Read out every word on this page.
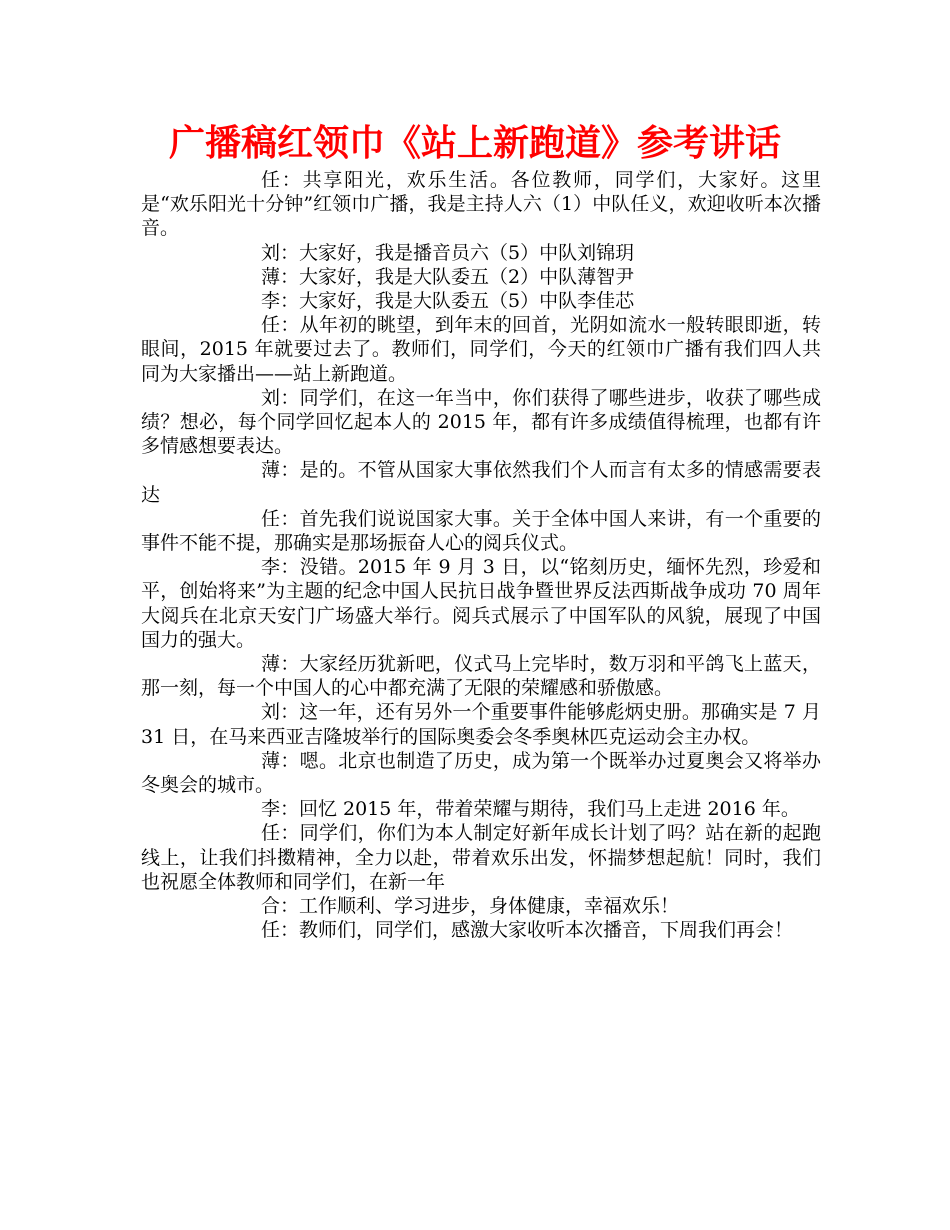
广播稿红领巾《站上新跑道》参考讲话

任：共享阳光，欢乐生活。各位教师，同学们，大家好。这里是“欢乐阳光十分钟”红领巾广播，我是主持人六（1）中队任义，欢迎收听本次播音。

刘：大家好，我是播音员六（5）中队刘锦玥

薄：大家好，我是大队委五（2）中队薄智尹

李：大家好，我是大队委五（5）中队李佳芯

任：从年初的眺望，到年末的回首，光阴如流水一般转眼即逝，转眼间，2015 年就要过去了。教师们，同学们，今天的红领巾广播有我们四人共同为大家播出——站上新跑道。

刘：同学们，在这一年当中，你们获得了哪些进步，收获了哪些成绩？想必，每个同学回忆起本人的 2015 年，都有许多成绩值得梳理，也都有许多情感想要表达。

薄：是的。不管从国家大事依然我们个人而言有太多的情感需要表达

任：首先我们说说国家大事。关于全体中国人来讲，有一个重要的事件不能不提，那确实是那场振奋人心的阅兵仪式。

李：没错。2015 年 9 月 3 日，以“铭刻历史，缅怀先烈，珍爱和平，创始将来”为主题的纪念中国人民抗日战争暨世界反法西斯战争成功 70 周年大阅兵在北京天安门广场盛大举行。阅兵式展示了中国军队的风貌，展现了中国国力的强大。

薄：大家经历犹新吧，仪式马上完毕时，数万羽和平鸽飞上蓝天，那一刻，每一个中国人的心中都充满了无限的荣耀感和骄傲感。

刘：这一年，还有另外一个重要事件能够彪炳史册。那确实是 7 月 31 日，在马来西亚吉隆坡举行的国际奥委会冬季奥林匹克运动会主办权。

薄：嗯。北京也制造了历史，成为第一个既举办过夏奥会又将举办冬奥会的城市。

李：回忆 2015 年，带着荣耀与期待，我们马上走进 2016 年。

任：同学们，你们为本人制定好新年成长计划了吗？站在新的起跑线上，让我们抖擞精神，全力以赴，带着欢乐出发，怀揣梦想起航！同时，我们也祝愿全体教师和同学们，在新一年

合：工作顺利、学习进步，身体健康，幸福欢乐！

任：教师们，同学们，感激大家收听本次播音，下周我们再会！
